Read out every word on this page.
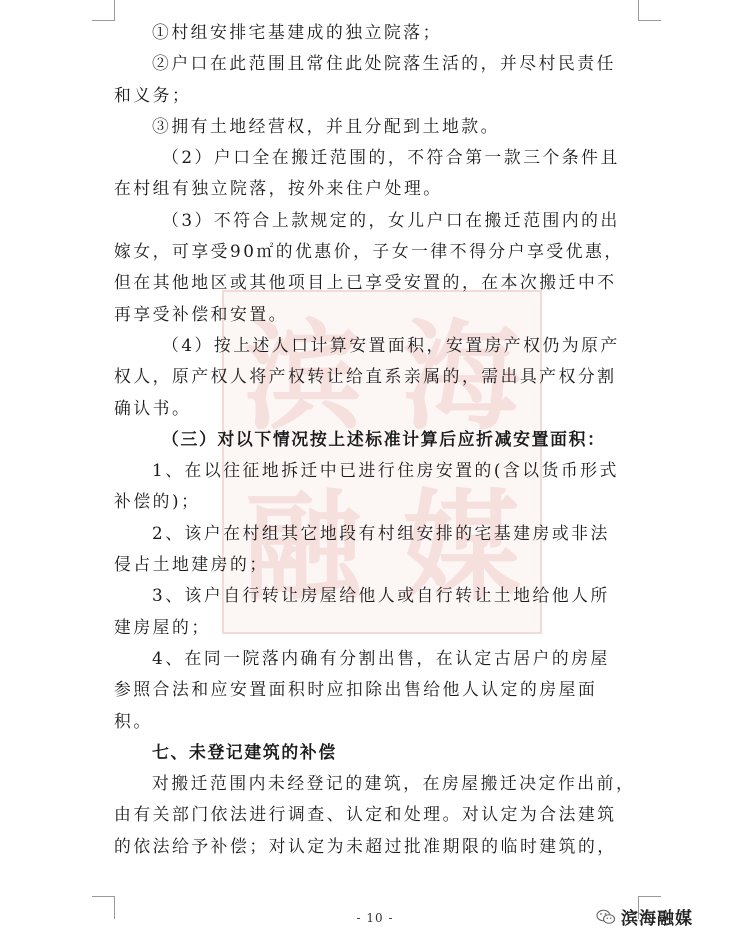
滨 海
融 媒

①村组安排宅基建成的独立院落；

②户口在此范围且常住此处院落生活的，并尽村民责任

和义务；

③拥有土地经营权，并且分配到土地款。

（2）户口全在搬迁范围的，不符合第一款三个条件且

在村组有独立院落，按外来住户处理。

（3）不符合上款规定的，女儿户口在搬迁范围内的出

嫁女，可享受90㎡的优惠价，子女一律不得分户享受优惠，

但在其他地区或其他项目上已享受安置的，在本次搬迁中不

再享受补偿和安置。

（4）按上述人口计算安置面积，安置房产权仍为原产

权人，原产权人将产权转让给直系亲属的，需出具产权分割

确认书。

（三）对以下情况按上述标准计算后应折减安置面积：

1、在以往征地拆迁中已进行住房安置的(含以货币形式

补偿的)；

2、该户在村组其它地段有村组安排的宅基建房或非法

侵占土地建房的；

3、该户自行转让房屋给他人或自行转让土地给他人所

建房屋的；

4、在同一院落内确有分割出售，在认定古居户的房屋

参照合法和应安置面积时应扣除出售给他人认定的房屋面

积。

七、未登记建筑的补偿

对搬迁范围内未经登记的建筑，在房屋搬迁决定作出前，

由有关部门依法进行调查、认定和处理。对认定为合法建筑

的依法给予补偿；对认定为未超过批准期限的临时建筑的，

- 10 -	滨海融媒
